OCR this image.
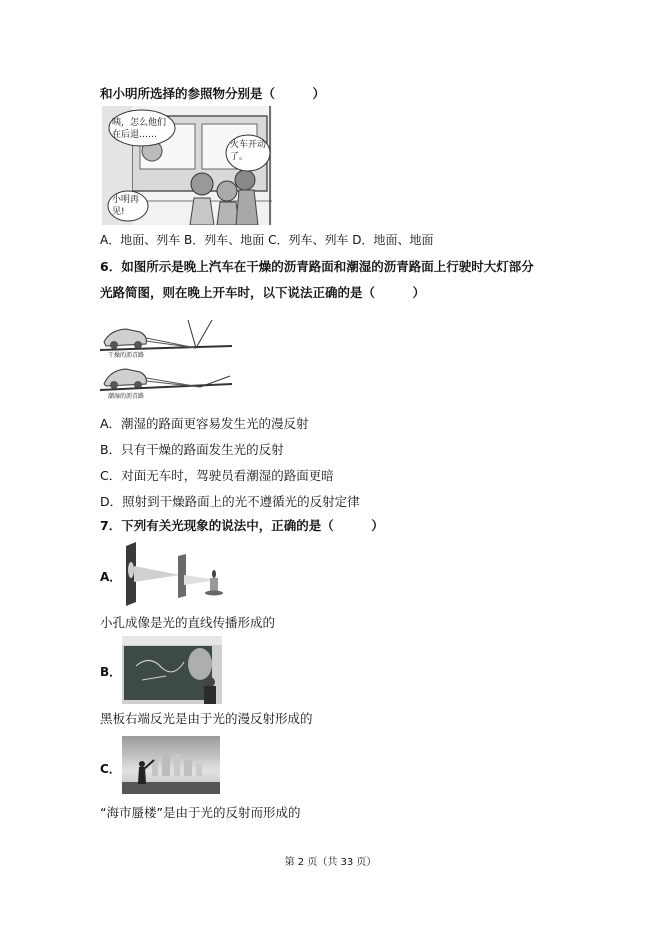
和小明所选择的参照物分别是（　　　）
咦，怎么他们在后退……
火车开动了。
小明再见!
A．地面、列车 B．列车、地面 C．列车、列车 D．地面、地面
6．如图所示是晚上汽车在干燥的沥青路面和潮湿的沥青路面上行驶时大灯部分
光路简图，则在晚上开车时，以下说法正确的是（　　　）
干燥的沥青路
潮湿的沥青路
A．潮湿的路面更容易发生光的漫反射
B．只有干燥的路面发生光的反射
C．对面无车时，驾驶员看潮湿的路面更暗
D．照射到干燥路面上的光不遵循光的反射定律
7．下列有关光现象的说法中，正确的是（　　　）
A．
小孔成像是光的直线传播形成的
B．
黑板右端反光是由于光的漫反射形成的
C．
“海市蜃楼”是由于光的反射而形成的
第 2 页（共 33 页）
